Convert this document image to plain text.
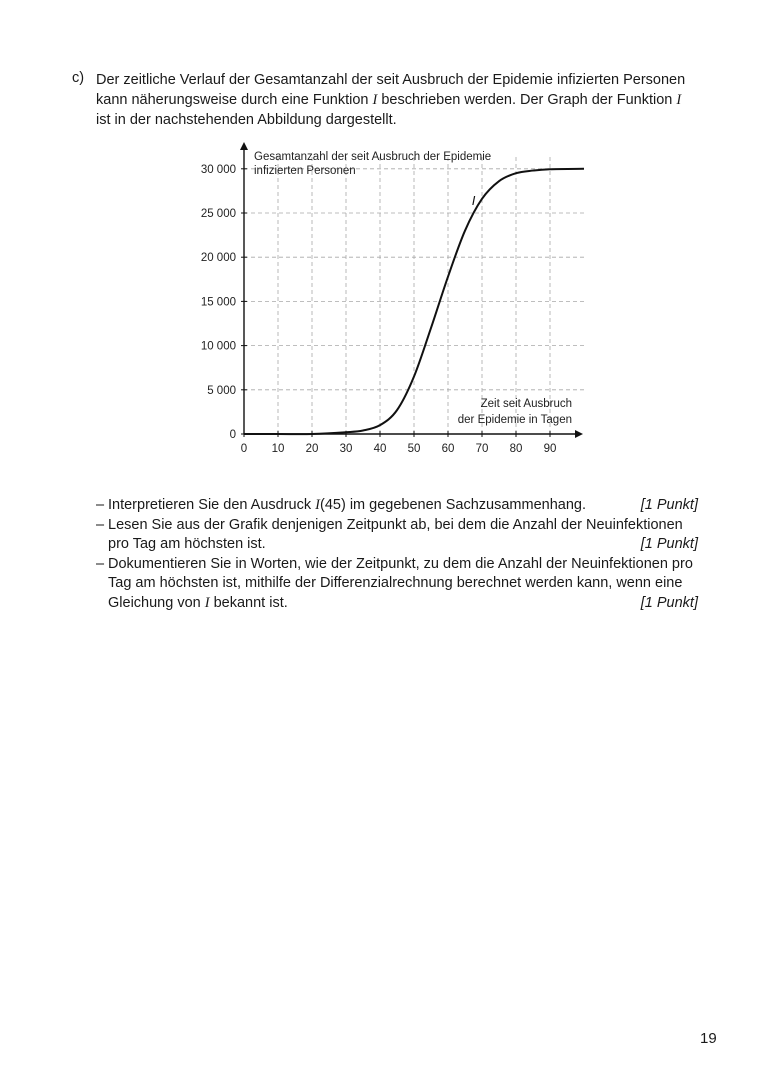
c) Der zeitliche Verlauf der Gesamtanzahl der seit Ausbruch der Epidemie infizierten Personen
kann näherungsweise durch eine Funktion I beschrieben werden. Der Graph der Funktion I
ist in der nachstehenden Abbildung dargestellt.
0 10 20 30 40 50 60 70 80 90
0
5 000
10 000
15 000
20 000
25 000
30 000
Gesamtanzahl der seit Ausbruch der Epidemie
infizierten Personen
Zeit seit Ausbruch
der Epidemie in Tagen
I
– Interpretieren Sie den Ausdruck I(45) im gegebenen Sachzusammenhang.	[1 Punkt]
– Lesen Sie aus der Grafik denjenigen Zeitpunkt ab, bei dem die Anzahl der Neuinfektionen
pro Tag am höchsten ist.	[1 Punkt]
– Dokumentieren Sie in Worten, wie der Zeitpunkt, zu dem die Anzahl der Neuinfektionen pro
Tag am höchsten ist, mithilfe der Differenzialrechnung berechnet werden kann, wenn eine
Gleichung von I bekannt ist.	[1 Punkt]
19
